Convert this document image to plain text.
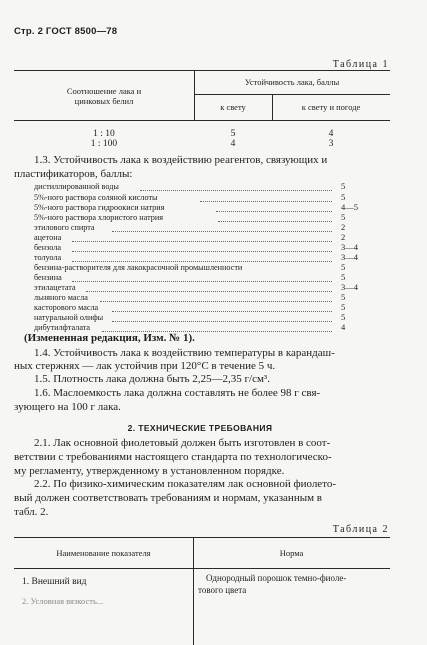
Стр. 2 ГОСТ 8500—78
Таблица 1
Соотношение лака и
цинковых белил
Устойчивость лака, баллы
к свету	к свету и погоде
1 : 10	5	4
1 : 100	4	3
1.3. Устойчивость лака к воздействию реагентов, связующих и
пластификаторов, баллы:
дистиллированной воды	5
5%-ного раствора соляной кислоты	5
5%-ного раствора гидроокиси натрия	4—5
5%-ного раствора хлористого натрия	5
этилового спирта	2
ацетона	2
бензола	3—4
толуола	3—4
бензина-растворителя для лакокрасочной промышленности	5
бензина	5
этилацетата	3—4
льняного масла	5
касторового масла	5
натуральной олифы	5
дибутилфталата	4
(Измененная редакция, Изм. № 1).
1.4. Устойчивость лака к воздействию температуры в карандаш-
ных стержнях — лак устойчив при 120°С в течение 5 ч.
1.5. Плотность лака должна быть 2,25—2,35 г/см³.
1.6. Маслоемкость лака должна составлять не более 98 г свя-
зующего на 100 г лака.
2. ТЕХНИЧЕСКИЕ ТРЕБОВАНИЯ
2.1. Лак основной фиолетовый должен быть изготовлен в соот-
ветствии с требованиями настоящего стандарта по технологическо-
му регламенту, утвержденному в установленном порядке.
2.2. По физико-химическим показателям лак основной фиолето-
вый должен соответствовать требованиям и нормам, указанным в
табл. 2.
Таблица 2
Наименование показателя	Норма
1. Внешний вид	Однородный порошок темно-фиоле-
тового цвета
2. Условная вязкость...
